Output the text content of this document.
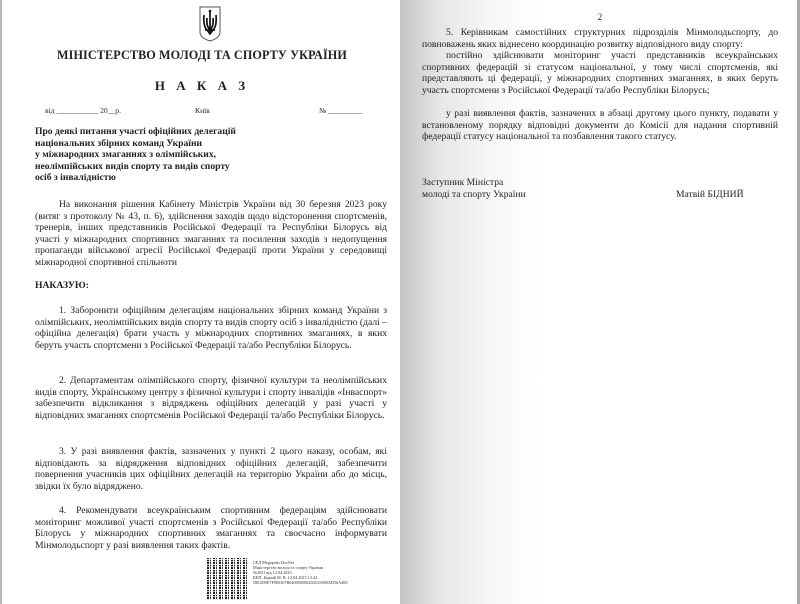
МІНІСТЕРСТВО МОЛОДІ ТА СПОРТУ УКРАЇНИ
Н А К А З
від ___________ 20__р.	Київ	№ _________
Про деякі питання участі офіційних делегацій
національних збірних команд України
у міжнародних змаганнях з олімпійських,
неолімпійських видів спорту та видів спорту
осіб з інвалідністю
На виконання рішення Кабінету Міністрів України від 30 березня 2023 року (витяг з протоколу № 43, п. 6), здійснення заходів щодо відсторонення спортсменів, тренерів, інших представників Російської Федерації та Республіки Білорусь від участі у міжнародних спортивних змаганнях та посилення заходів з недопущення пропаганди військової агресії Російської Федерації проти України у середовищі міжнародної спортивної спільноти
НАКАЗУЮ:
1. Заборонити офіційним делегаціям національних збірних команд України з олімпійських, неолімпійських видів спорту та видів спорту осіб з інвалідністю (далі – офіційна делегація) брати участь у міжнародних спортивних змаганнях, в яких беруть участь спортсмени з Російської Федерації та/або Республіки Білорусь.
2. Департаментам олімпійського спорту, фізичної культури та неолімпійських видів спорту, Українському центру з фізичної культури і спорту інвалідів «Інваспорт» забезпечити відкликання з відряджень офіційних делегацій у разі участі у відповідних змаганнях спортсменів Російської Федерації та/або Республіки Білорусь.
3. У разі виявлення фактів, зазначених у пункті 2 цього наказу, особам, які відповідають за відрядження відповідних офіційних делегацій, забезпечити повернення учасників цих офіційних делегацій на територію України або до місць, звідки їх було відряджено.
4. Рекомендувати всеукраїнським спортивним федераціям здійснювати моніторинг можливої участі спортсменів з Російської Федерації та/або Республіки Білорусь у міжнародних спортивних змаганнях та своєчасно інформувати Мінмолодьспорт у разі виявлення таких фактів.
СЕД Megapolis.DocNet
Міністерство молоді та спорту України
№2031 від 12.04.2023
КЕП: Бідний М. В. 12.04.2023 13:42
58E2D9E7F900307B0400000002D2023000AD56A400
2
5. Керівникам самостійних структурних підрозділів Мінмолодьспорту, до повноважень яких віднесено координацію розвитку відповідного виду спорту:
постійно здійснювати моніторинг участі представників всеукраїнських спортивних федерацій зі статусом національної, у тому числі спортсменів, які представляють ці федерації, у міжнародних спортивних змаганнях, в яких беруть участь спортсмени з Російської Федерації та/або Республіки Білорусь;
у разі виявлення фактів, зазначених в абзаці другому цього пункту, подавати у встановленому порядку відповідні документи до Комісії для надання спортивній федерації статусу національної та позбавлення такого статусу.
Заступник Міністра
молоді та спорту України	Матвій БІДНИЙ
